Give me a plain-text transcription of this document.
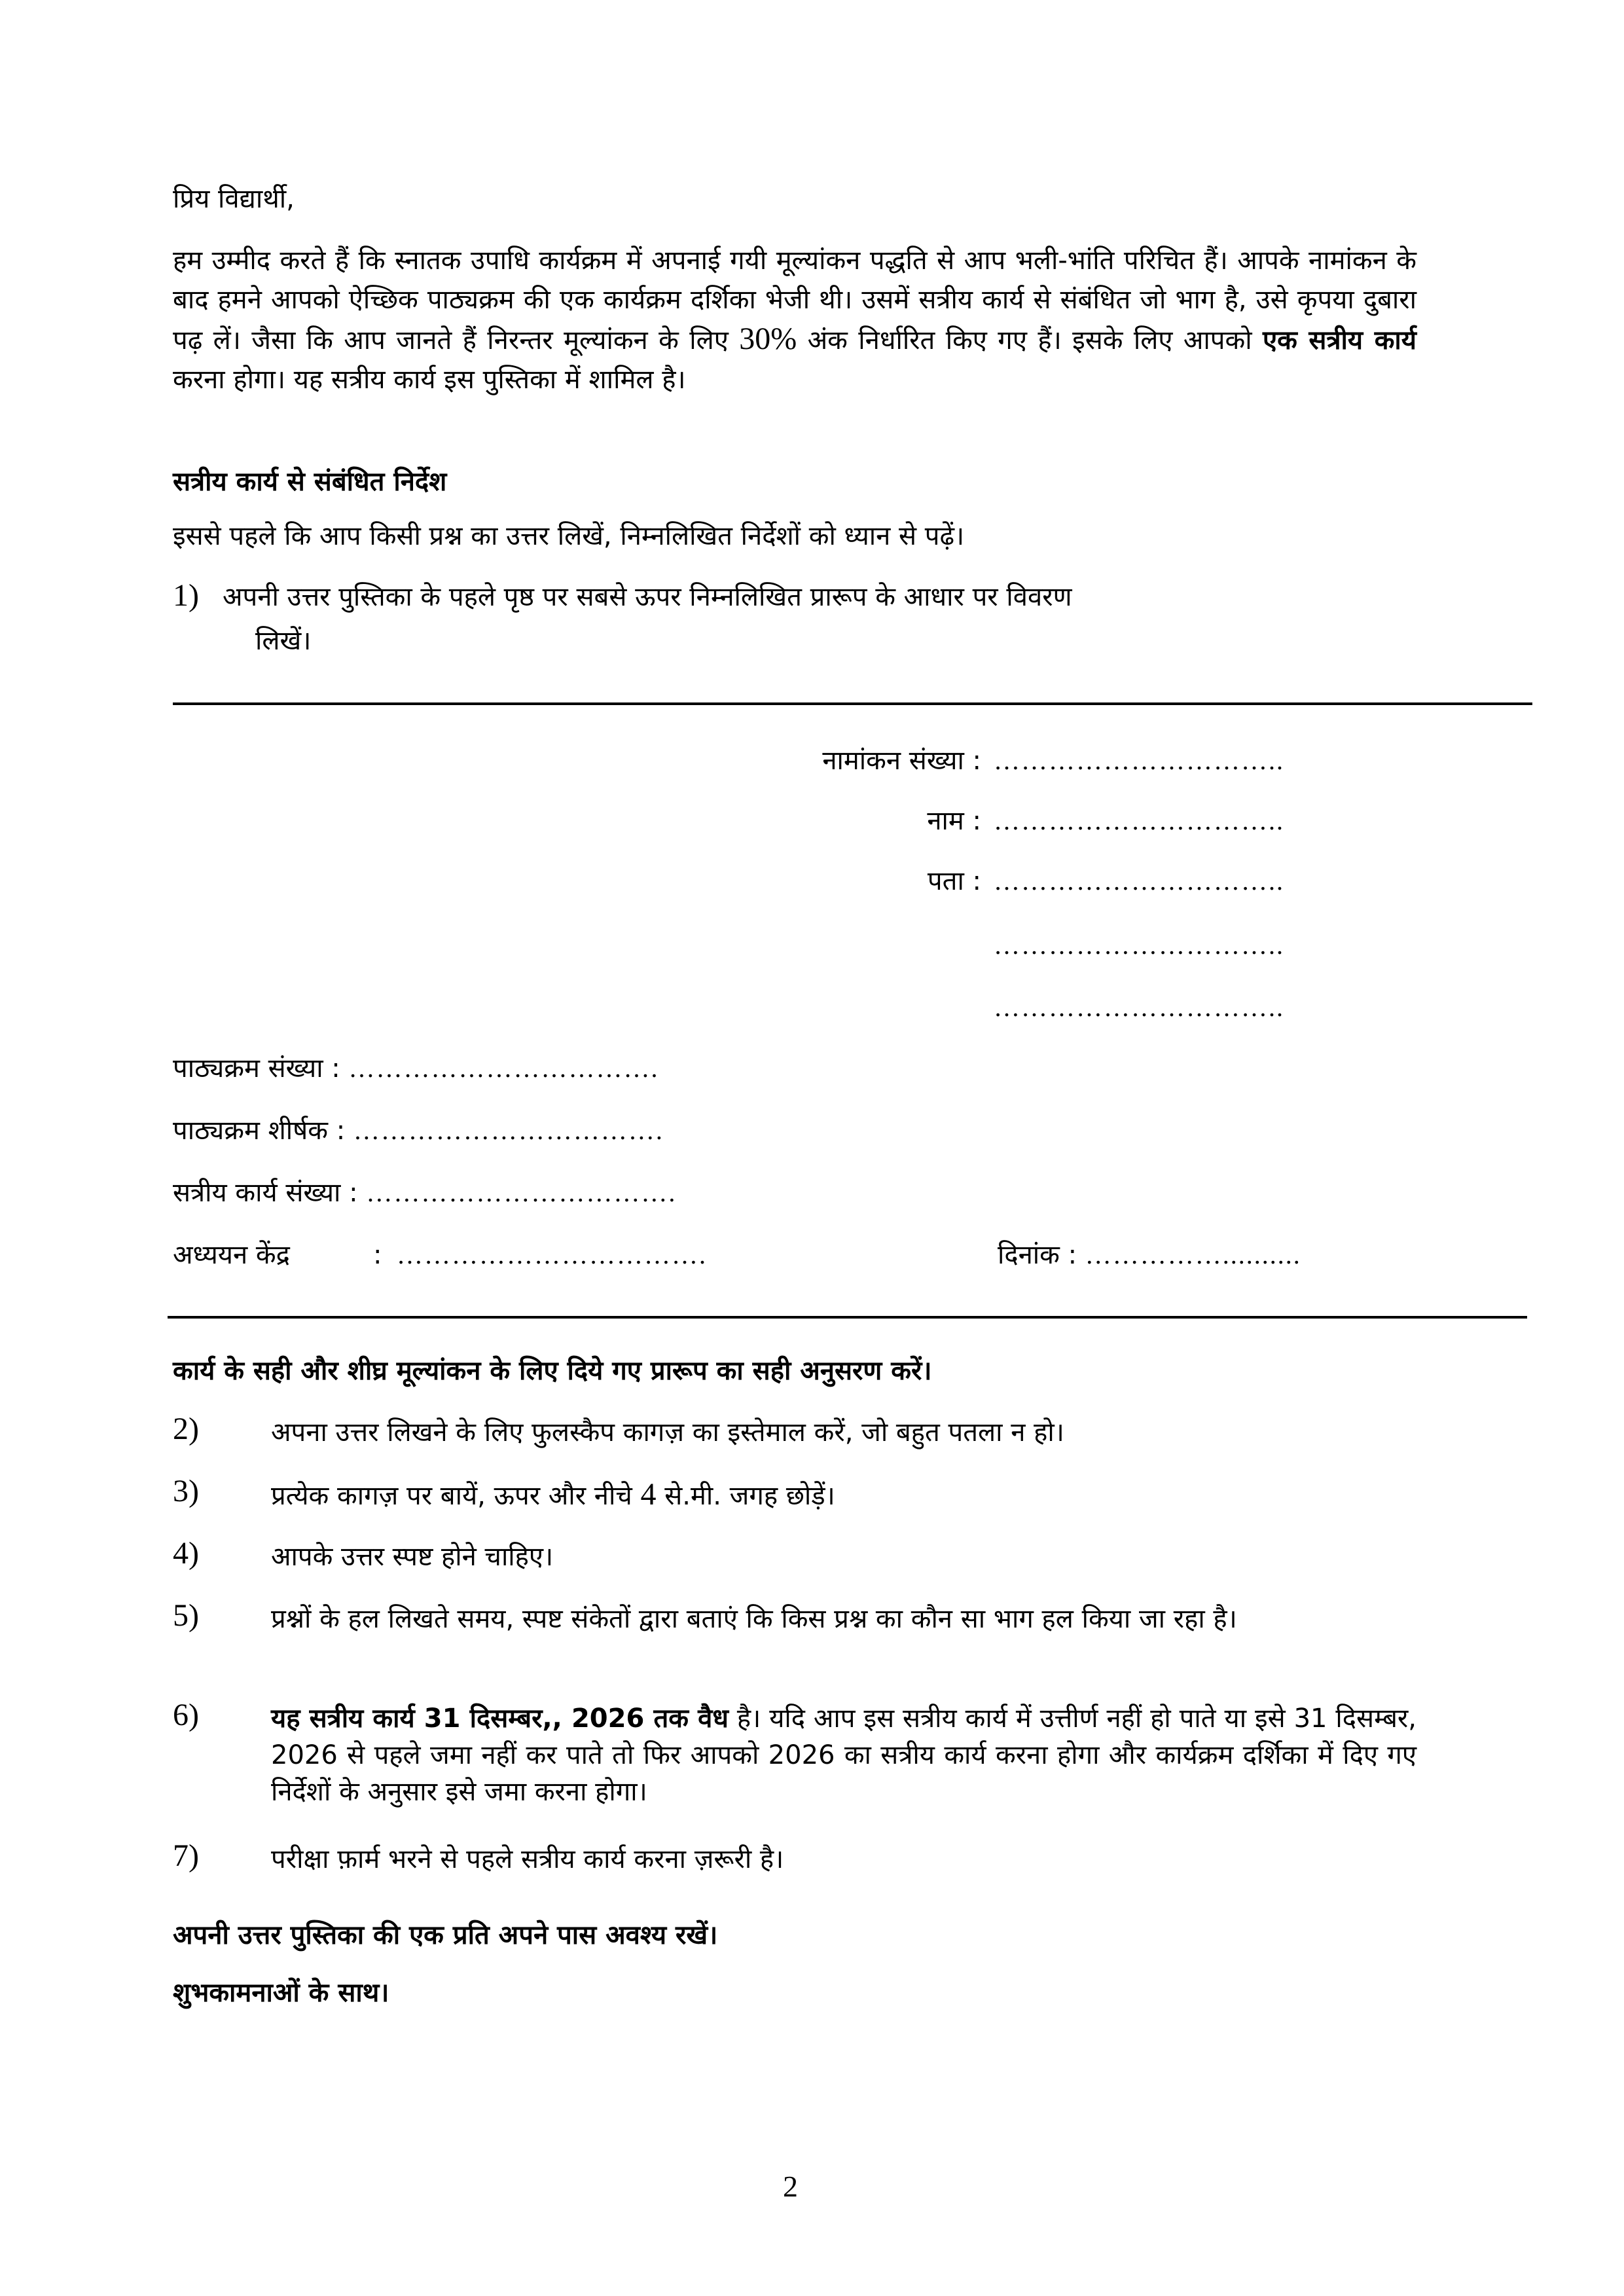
प्रिय विद्यार्थी,
हम उम्मीद करते हैं कि स्नातक उपाधि कार्यक्रम में अपनाई गयी मूल्यांकन पद्धति से आप भली-भांति परिचित हैं। आपके नामांकन के बाद हमने आपको ऐच्छिक पाठ्यक्रम की एक कार्यक्रम दर्शिका भेजी थी। उसमें सत्रीय कार्य से संबंधित जो भाग है, उसे कृपया दुबारा पढ़ लें। जैसा कि आप जानते हैं निरन्तर मूल्यांकन के लिए 30% अंक निर्धारित किए गए हैं। इसके लिए आपको एक सत्रीय कार्य करना होगा। यह सत्रीय कार्य इस पुस्तिका में शामिल है।
सत्रीय कार्य से संबंधित निर्देश
इससे पहले कि आप किसी प्रश्न का उत्तर लिखें, निम्नलिखित निर्देशों को ध्यान से पढ़ें।
1) अपनी उत्तर पुस्तिका के पहले पृष्ठ पर सबसे ऊपर निम्नलिखित प्रारूप के आधार पर विवरण
लिखें।
नामांकन संख्या : …………………………..
नाम : …………………………..
पता : …………………………..
…………………………..
…………………………..
पाठ्यक्रम संख्या : …………………………….
पाठ्यक्रम शीर्षक : …………………………….
सत्रीय कार्य संख्या : …………………………….
अध्ययन केंद्र	: …………………………….	दिनांक : ……………..........
कार्य के सही और शीघ्र मूल्यांकन के लिए दिये गए प्रारूप का सही अनुसरण करें।
2)	अपना उत्तर लिखने के लिए फुलस्कैप कागज़ का इस्तेमाल करें, जो बहुत पतला न हो।
3)	प्रत्येक कागज़ पर बायें, ऊपर और नीचे 4 से.मी. जगह छोड़ें।
4)	आपके उत्तर स्पष्ट होने चाहिए।
5)	प्रश्नों के हल लिखते समय, स्पष्ट संकेतों द्वारा बताएं कि किस प्रश्न का कौन सा भाग हल किया जा रहा है।
6)	यह सत्रीय कार्य 31 दिसम्बर,, 2026 तक वैध है। यदि आप इस सत्रीय कार्य में उत्तीर्ण नहीं हो पाते या इसे 31 दिसम्बर, 2026 से पहले जमा नहीं कर पाते तो फिर आपको 2026 का सत्रीय कार्य करना होगा और कार्यक्रम दर्शिका में दिए गए निर्देशों के अनुसार इसे जमा करना होगा।
7)	परीक्षा फ़ार्म भरने से पहले सत्रीय कार्य करना ज़रूरी है।
अपनी उत्तर पुस्तिका की एक प्रति अपने पास अवश्य रखें।
शुभकामनाओं के साथ।
2
